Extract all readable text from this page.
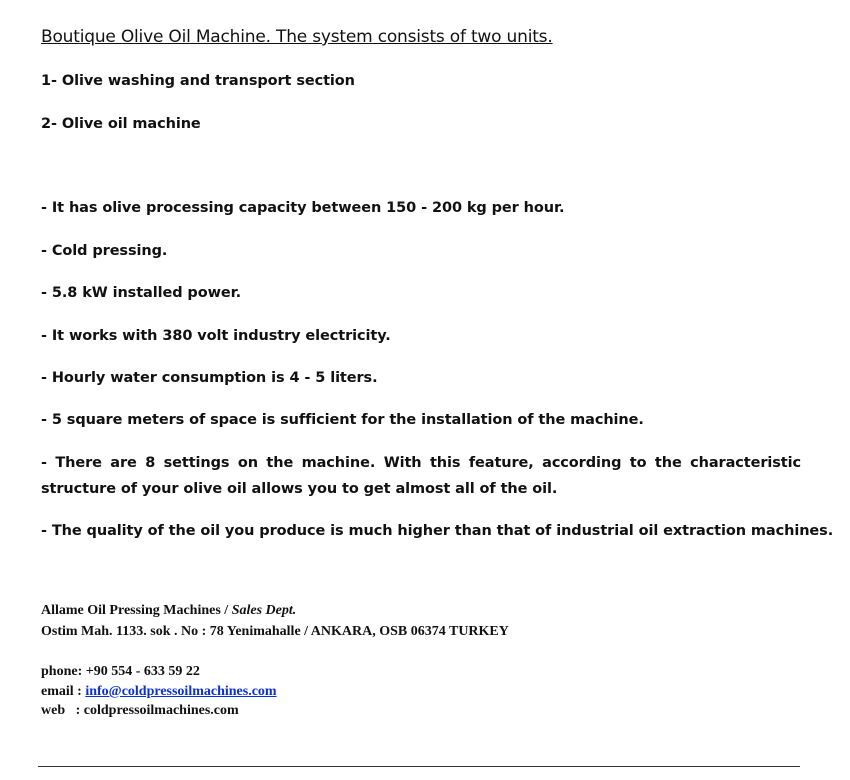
Boutique Olive Oil Machine. The system consists of two units.
1- Olive washing and transport section
2- Olive oil machine
- It has olive processing capacity between 150 - 200 kg per hour.
- Cold pressing.
- 5.8 kW installed power.
- It works with 380 volt industry electricity.
- Hourly water consumption is 4 - 5 liters.
- 5 square meters of space is sufficient for the installation of the machine.
- There are 8 settings on the machine. With this feature, according to the characteristic structure of your olive oil allows you to get almost all of the oil.
- The quality of the oil you produce is much higher than that of industrial oil extraction machines.
Allame Oil Pressing Machines / Sales Dept.
Ostim Mah. 1133. sok . No : 78 Yenimahalle / ANKARA, OSB 06374 TURKEY
phone: +90 554 - 633 59 22
email : info@coldpressoilmachines.com
web   : coldpressoilmachines.com
